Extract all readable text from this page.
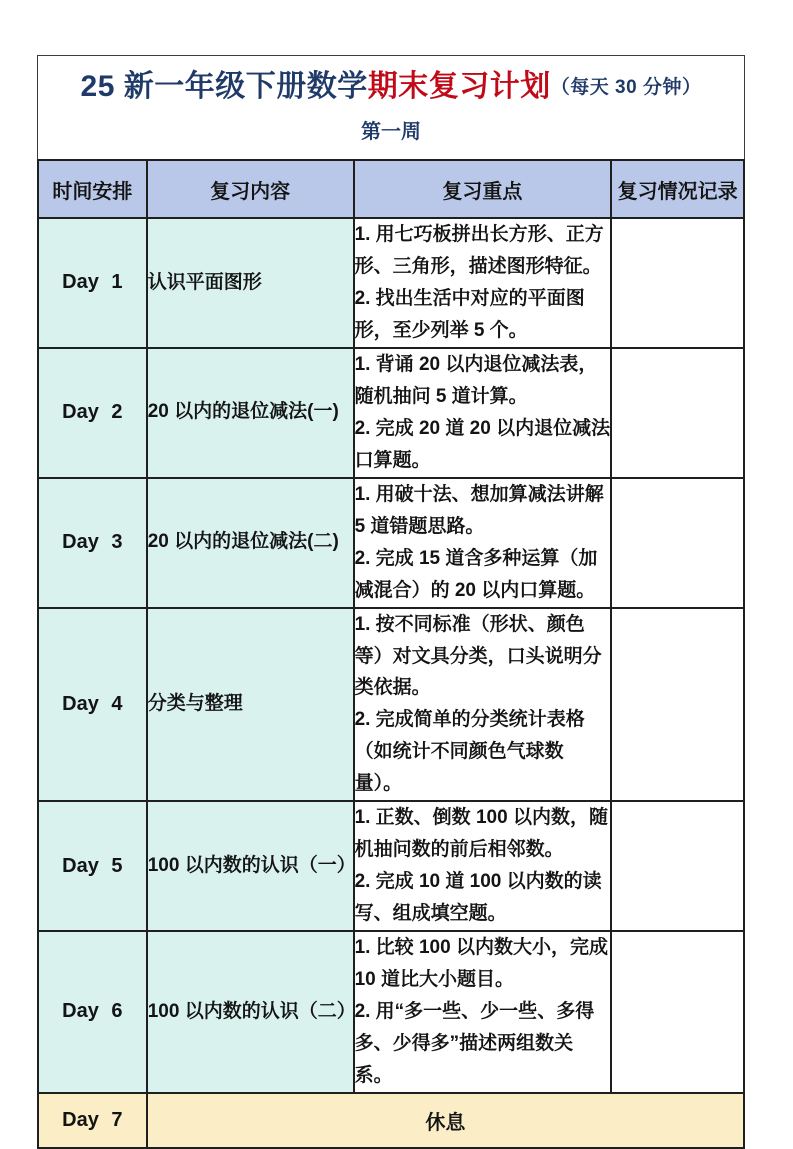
25 新一年级下册数学期末复习计划（每天 30 分钟）
第一周
时间安排	复习内容	复习重点	复习情况记录
Day 1	认识平面图形	1. 用七巧板拼出长方形、正方形、三角形，描述图形特征。
2. 找出生活中对应的平面图形，至少列举 5 个。	

Day 2	20 以内的退位减法(一)	1. 背诵 20 以内退位减法表，随机抽问 5 道计算。
2. 完成 20 道 20 以内退位减法口算题。	

Day 3	20 以内的退位减法(二)	1. 用破十法、想加算减法讲解 5 道错题思路。
2. 完成 15 道含多种运算（加减混合）的 20 以内口算题。	

Day 4	分类与整理	1. 按不同标准（形状、颜色等）对文具分类，口头说明分类依据。
2. 完成简单的分类统计表格（如统计不同颜色气球数量）。	

Day 5	100 以内数的认识（一）	1. 正数、倒数 100 以内数，随机抽问数的前后相邻数。
2. 完成 10 道 100 以内数的读写、组成填空题。	

Day 6	100 以内数的认识（二）	1. 比较 100 以内数大小，完成 10 道比大小题目。
2. 用“多一些、少一些、多得多、少得多”描述两组数关系。	

Day 7	休息		
